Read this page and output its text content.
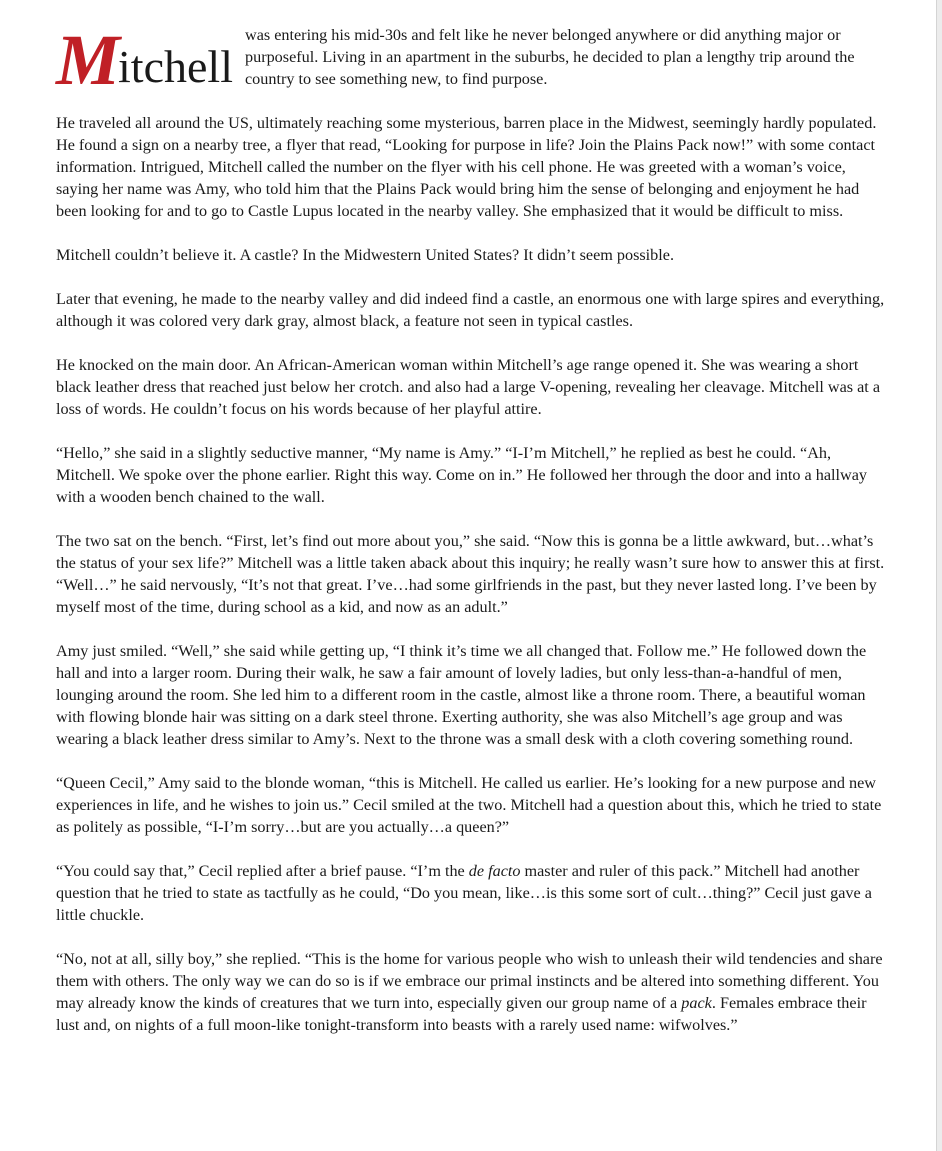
M
itchell
was entering his mid-30s and felt like he never belonged anywhere or did anything major or purposeful. Living in an apartment in the suburbs, he decided to plan a lengthy trip around the country to see something new, to find purpose.

He traveled all around the US, ultimately reaching some mysterious, barren place in the Midwest, seemingly hardly populated. He found a sign on a nearby tree, a flyer that read, “Looking for purpose in life? Join the Plains Pack now!” with some contact information. Intrigued, Mitchell called the number on the flyer with his cell phone. He was greeted with a woman’s voice, saying her name was Amy, who told him that the Plains Pack would bring him the sense of belonging and enjoyment he had been looking for and to go to Castle Lupus located in the nearby valley. She emphasized that it would be difficult to miss.

Mitchell couldn’t believe it. A castle? In the Midwestern United States? It didn’t seem possible.

Later that evening, he made to the nearby valley and did indeed find a castle, an enormous one with large spires and everything, although it was colored very dark gray, almost black, a feature not seen in typical castles.

He knocked on the main door. An African-American woman within Mitchell’s age range opened it. She was wearing a short black leather dress that reached just below her crotch. and also had a large V-opening, revealing her cleavage. Mitchell was at a loss of words. He couldn’t focus on his words because of her playful attire.

“Hello,” she said in a slightly seductive manner, “My name is Amy.” “I-I’m Mitchell,” he replied as best he could. “Ah, Mitchell. We spoke over the phone earlier. Right this way. Come on in.” He followed her through the door and into a hallway with a wooden bench chained to the wall.

The two sat on the bench. “First, let’s find out more about you,” she said. “Now this is gonna be a little awkward, but…what’s the status of your sex life?” Mitchell was a little taken aback about this inquiry; he really wasn’t sure how to answer this at first. “Well…” he said nervously, “It’s not that great. I’ve…had some girlfriends in the past, but they never lasted long. I’ve been by myself most of the time, during school as a kid, and now as an adult.”

Amy just smiled. “Well,” she said while getting up, “I think it’s time we all changed that. Follow me.” He followed down the hall and into a larger room. During their walk, he saw a fair amount of lovely ladies, but only less-than-a-handful of men, lounging around the room. She led him to a different room in the castle, almost like a throne room. There, a beautiful woman with flowing blonde hair was sitting on a dark steel throne. Exerting authority, she was also Mitchell’s age group and was wearing a black leather dress similar to Amy’s. Next to the throne was a small desk with a cloth covering something round.

“Queen Cecil,” Amy said to the blonde woman, “this is Mitchell. He called us earlier. He’s looking for a new purpose and new experiences in life, and he wishes to join us.” Cecil smiled at the two. Mitchell had a question about this, which he tried to state as politely as possible, “I-I’m sorry…but are you actually…a queen?”

“You could say that,” Cecil replied after a brief pause. “I’m the de facto master and ruler of this pack.” Mitchell had another question that he tried to state as tactfully as he could, “Do you mean, like…is this some sort of cult…thing?” Cecil just gave a little chuckle.

“No, not at all, silly boy,” she replied. “This is the home for various people who wish to unleash their wild tendencies and share them with others. The only way we can do so is if we embrace our primal instincts and be altered into something different. You may already know the kinds of creatures that we turn into, especially given our group name of a pack. Females embrace their lust and, on nights of a full moon-like tonight-transform into beasts with a rarely used name: wifwolves.”
